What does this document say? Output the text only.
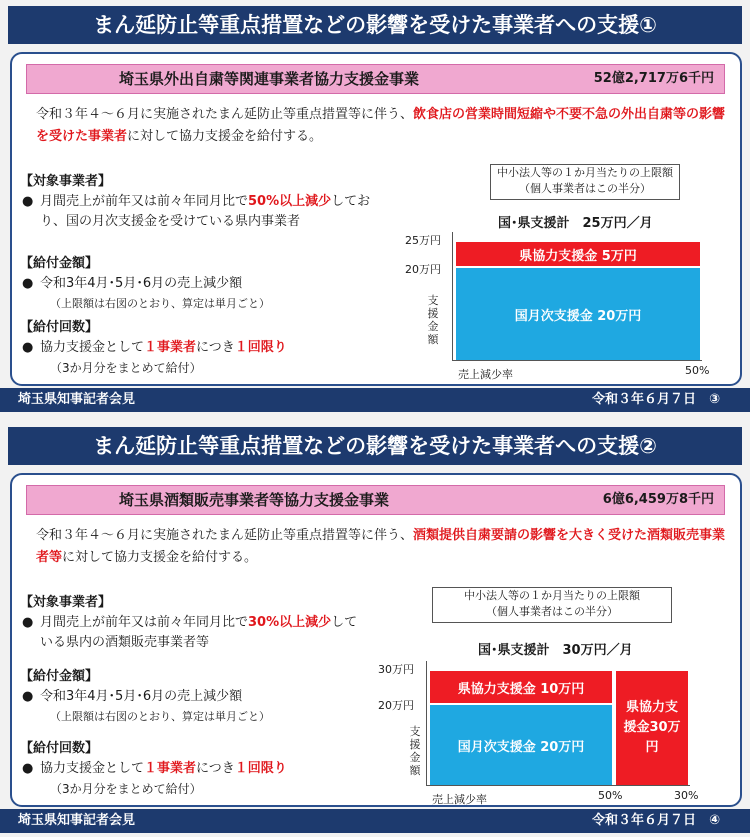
まん延防止等重点措置などの影響を受けた事業者への支援①
埼玉県外出自粛等関連事業者協力支援金事業	52億2,717万6千円
令和３年４～６月に実施されたまん延防止等重点措置等に伴う、飲食店の営業時間短縮や不要不急の外出自粛等の影響を受けた事業者に対して協力支援金を給付する。
【対象事業者】
● 月間売上が前年又は前々年同月比で50%以上減少しており、国の月次支援金を受けている県内事業者
【給付金額】
● 令和3年4月･5月･6月の売上減少額
（上限額は右図のとおり、算定は単月ごと）
【給付回数】
● 協力支援金として１事業者につき１回限り
（3か月分をまとめて給付）
中小法人等の１か月当たりの上限額
（個人事業者はこの半分）
国･県支援計　25万円／月
25万円
20万円
支援金額
県協力支援金 5万円
国月次支援金 20万円
売上減少率	50%
埼玉県知事記者会見	令和３年６月７日　③
まん延防止等重点措置などの影響を受けた事業者への支援②
埼玉県酒類販売事業者等協力支援金事業	6億6,459万8千円
令和３年４～６月に実施されたまん延防止等重点措置等に伴う、酒類提供自粛要請の影響を大きく受けた酒類販売事業者等に対して協力支援金を給付する。
【対象事業者】
● 月間売上が前年又は前々年同月比で30%以上減少している県内の酒類販売事業者等
【給付金額】
● 令和3年4月･5月･6月の売上減少額
（上限額は右図のとおり、算定は単月ごと）
【給付回数】
● 協力支援金として１事業者につき１回限り
（3か月分をまとめて給付）
中小法人等の１か月当たりの上限額
（個人事業者はこの半分）
国･県支援計　30万円／月
30万円
20万円
支援金額
県協力支援金 10万円
国月次支援金 20万円
県協力支援金30万円
売上減少率	50%	30%
埼玉県知事記者会見	令和３年６月７日　④
